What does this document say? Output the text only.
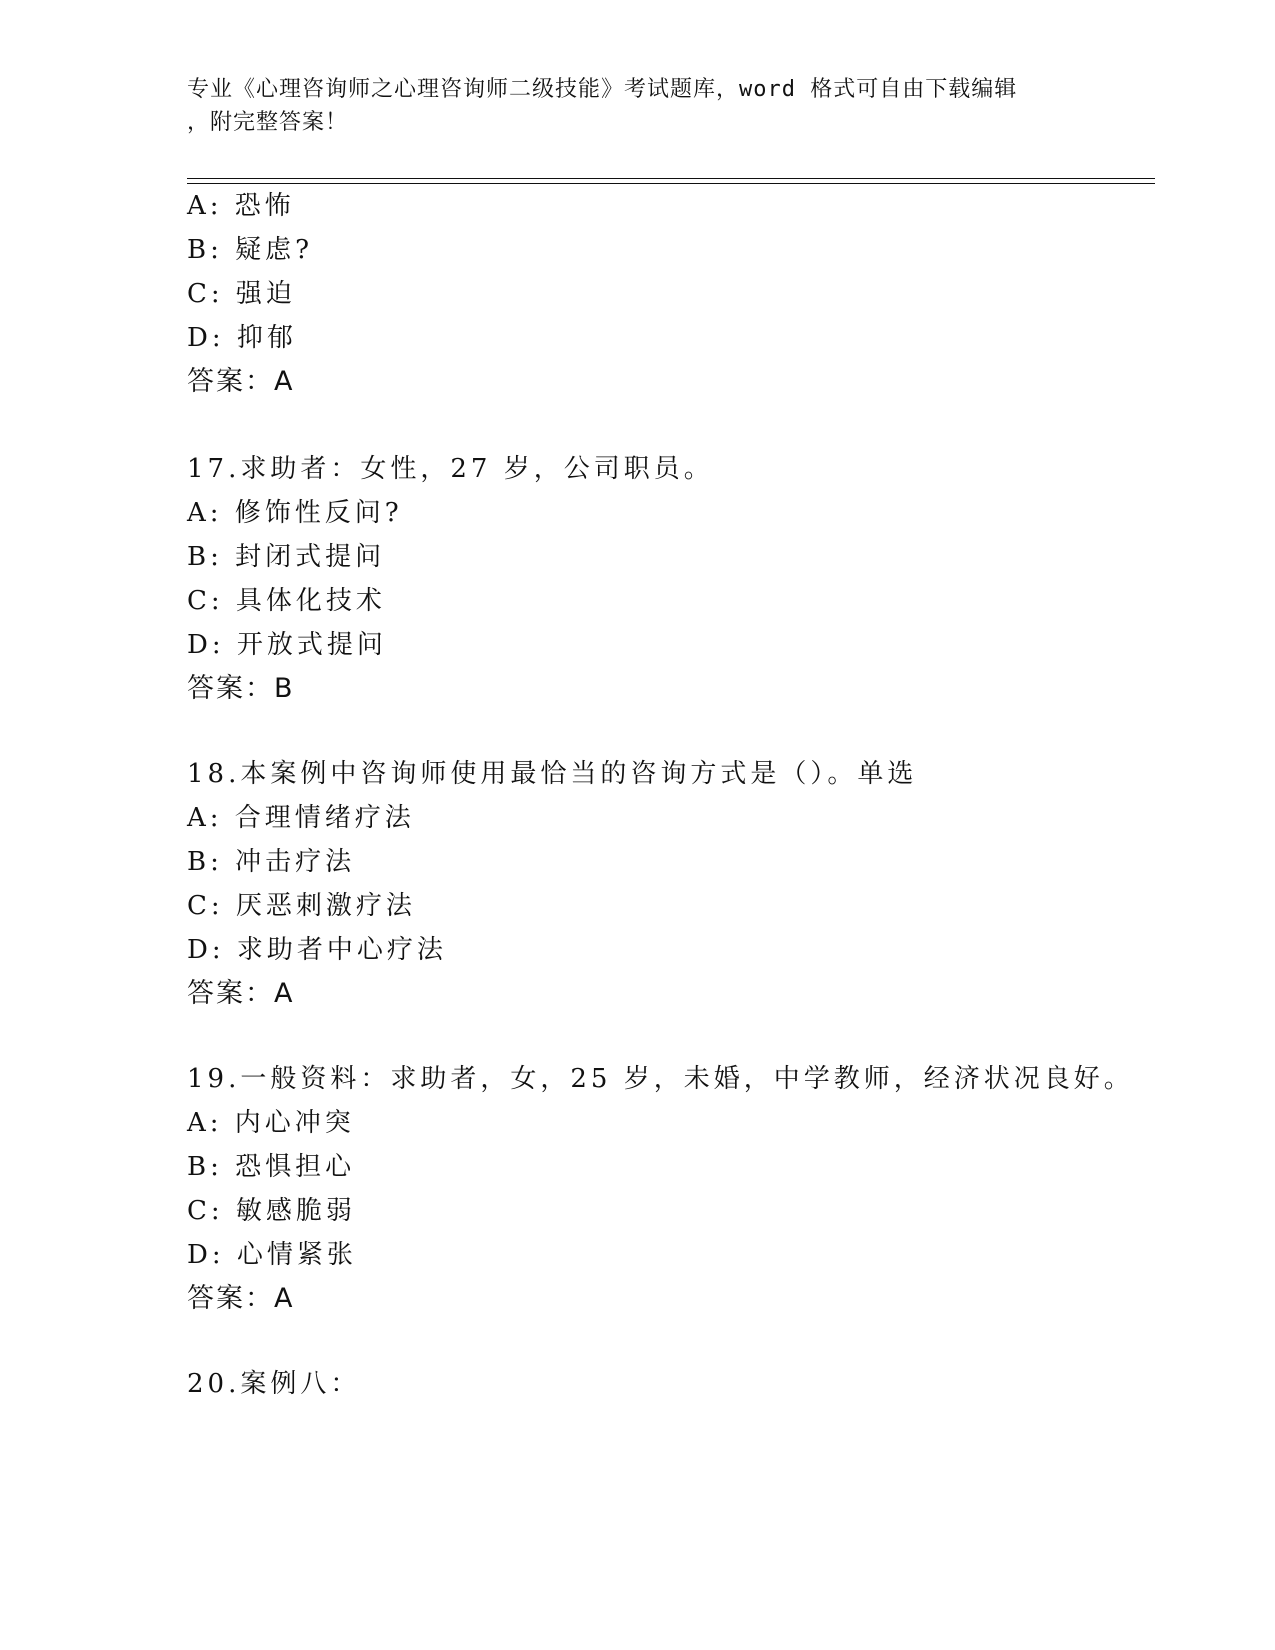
专业《心理咨询师之心理咨询师二级技能》考试题库，word 格式可自由下载编辑
，附完整答案！
A: 恐怖
B: 疑虑?
C: 强迫
D: 抑郁
答案：A
17.求助者：女性，27 岁，公司职员。
A: 修饰性反问?
B: 封闭式提问
C: 具体化技术
D: 开放式提问
答案：B
18.本案例中咨询师使用最恰当的咨询方式是（）。单选
A: 合理情绪疗法
B: 冲击疗法
C: 厌恶刺激疗法
D: 求助者中心疗法
答案：A
19.一般资料：求助者，女，25 岁，未婚，中学教师，经济状况良好。
A: 内心冲突
B: 恐惧担心
C: 敏感脆弱
D: 心情紧张
答案：A
20.案例八：
